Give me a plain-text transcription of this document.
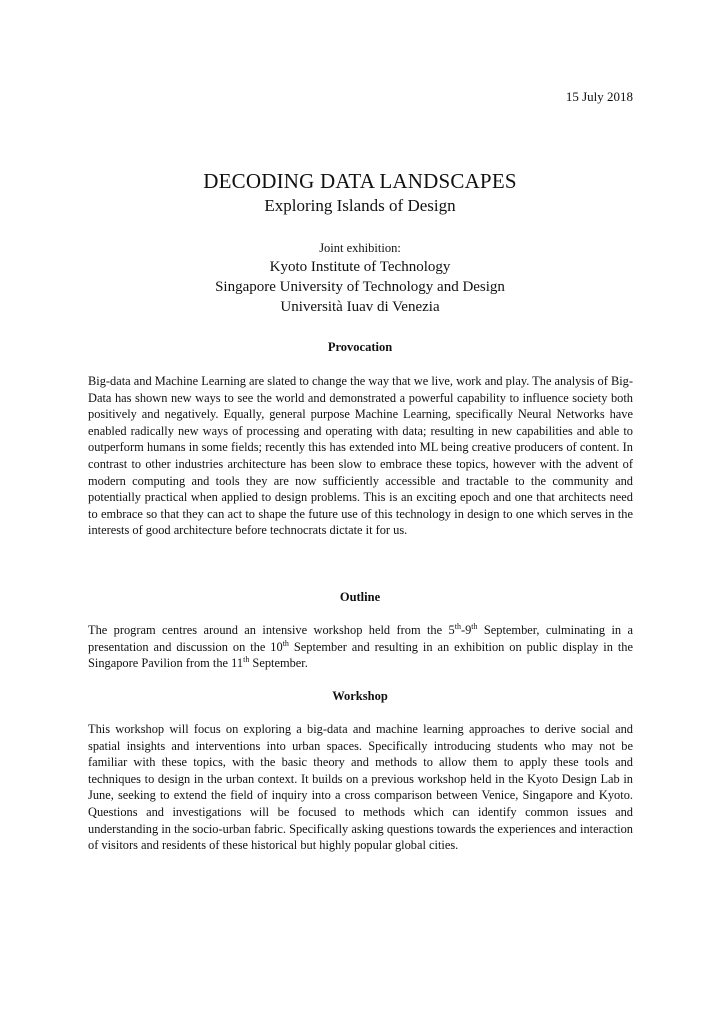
15 July 2018
DECODING DATA LANDSCAPES
Exploring Islands of Design
Joint exhibition:
Kyoto Institute of Technology
Singapore University of Technology and Design
Università Iuav di Venezia
Provocation

Big-data and Machine Learning are slated to change the way that we live, work and play. The analysis of Big-Data has shown new ways to see the world and demonstrated a powerful capability to influence society both positively and negatively. Equally, general purpose Machine Learning, specifically Neural Networks have enabled radically new ways of processing and operating with data; resulting in new capabilities and able to outperform humans in some fields; recently this has extended into ML being creative producers of content. In contrast to other industries architecture has been slow to embrace these topics, however with the advent of modern computing and tools they are now sufficiently accessible and tractable to the community and potentially practical when applied to design problems. This is an exciting epoch and one that architects need to embrace so that they can act to shape the future use of this technology in design to one which serves in the interests of good architecture before technocrats dictate it for us.

Outline

The program centres around an intensive workshop held from the 5th-9th September, culminating in a presentation and discussion on the 10th September and resulting in an exhibition on public display in the Singapore Pavilion from the 11th September.

Workshop

This workshop will focus on exploring a big-data and machine learning approaches to derive social and spatial insights and interventions into urban spaces. Specifically introducing students who may not be familiar with these topics, with the basic theory and methods to allow them to apply these tools and techniques to design in the urban context. It builds on a previous workshop held in the Kyoto Design Lab in June, seeking to extend the field of inquiry into a cross comparison between Venice, Singapore and Kyoto. Questions and investigations will be focused to methods which can identify common issues and understanding in the socio-urban fabric. Specifically asking questions towards the experiences and interaction of visitors and residents of these historical but highly popular global cities.
